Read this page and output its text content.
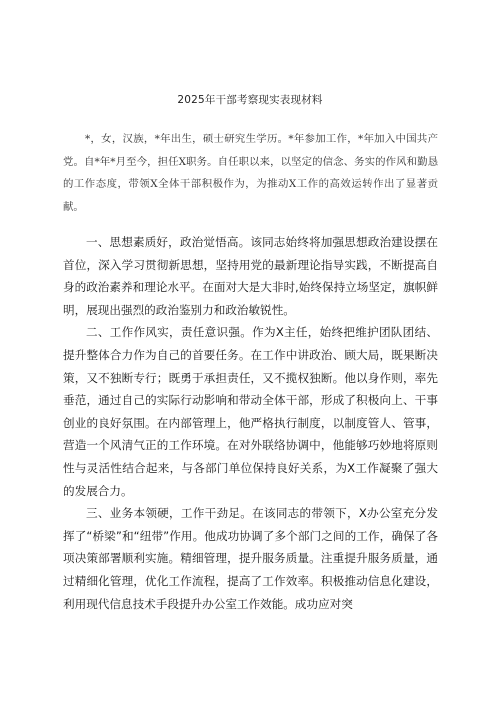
2025年干部考察现实表现材料
*，女，汉族，*年出生，硕士研究生学历。*年参加工作，*年加入中国共产党。自*年*月至今，担任X职务。自任职以来，以坚定的信念、务实的作风和勤恳的工作态度，带领X全体干部积极作为，为推动X工作的高效运转作出了显著贡献。

一、思想素质好，政治觉悟高。该同志始终将加强思想政治建设摆在首位，深入学习贯彻新思想，坚持用党的最新理论指导实践，不断提高自身的政治素养和理论水平。在面对大是大非时,始终保持立场坚定，旗帜鲜明，展现出强烈的政治鉴别力和政治敏锐性。

二、工作作风实，责任意识强。作为X主任，始终把维护团队团结、提升整体合力作为自己的首要任务。在工作中讲政治、顾大局，既果断决策，又不独断专行；既勇于承担责任，又不揽权独断。他以身作则，率先垂范，通过自己的实际行动影响和带动全体干部，形成了积极向上、干事创业的良好氛围。在内部管理上，他严格执行制度，以制度管人、管事，营造一个风清气正的工作环境。在对外联络协调中，他能够巧妙地将原则性与灵活性结合起来，与各部门单位保持良好关系，为X工作凝聚了强大的发展合力。

三、业务本领硬，工作干劲足。在该同志的带领下，X办公室充分发挥了“桥梁”和“纽带”作用。他成功协调了多个部门之间的工作，确保了各项决策部署顺利实施。精细管理，提升服务质量。注重提升服务质量，通过精细化管理，优化工作流程，提高了工作效率。积极推动信息化建设，利用现代信息技术手段提升办公室工作效能。成功应对突
